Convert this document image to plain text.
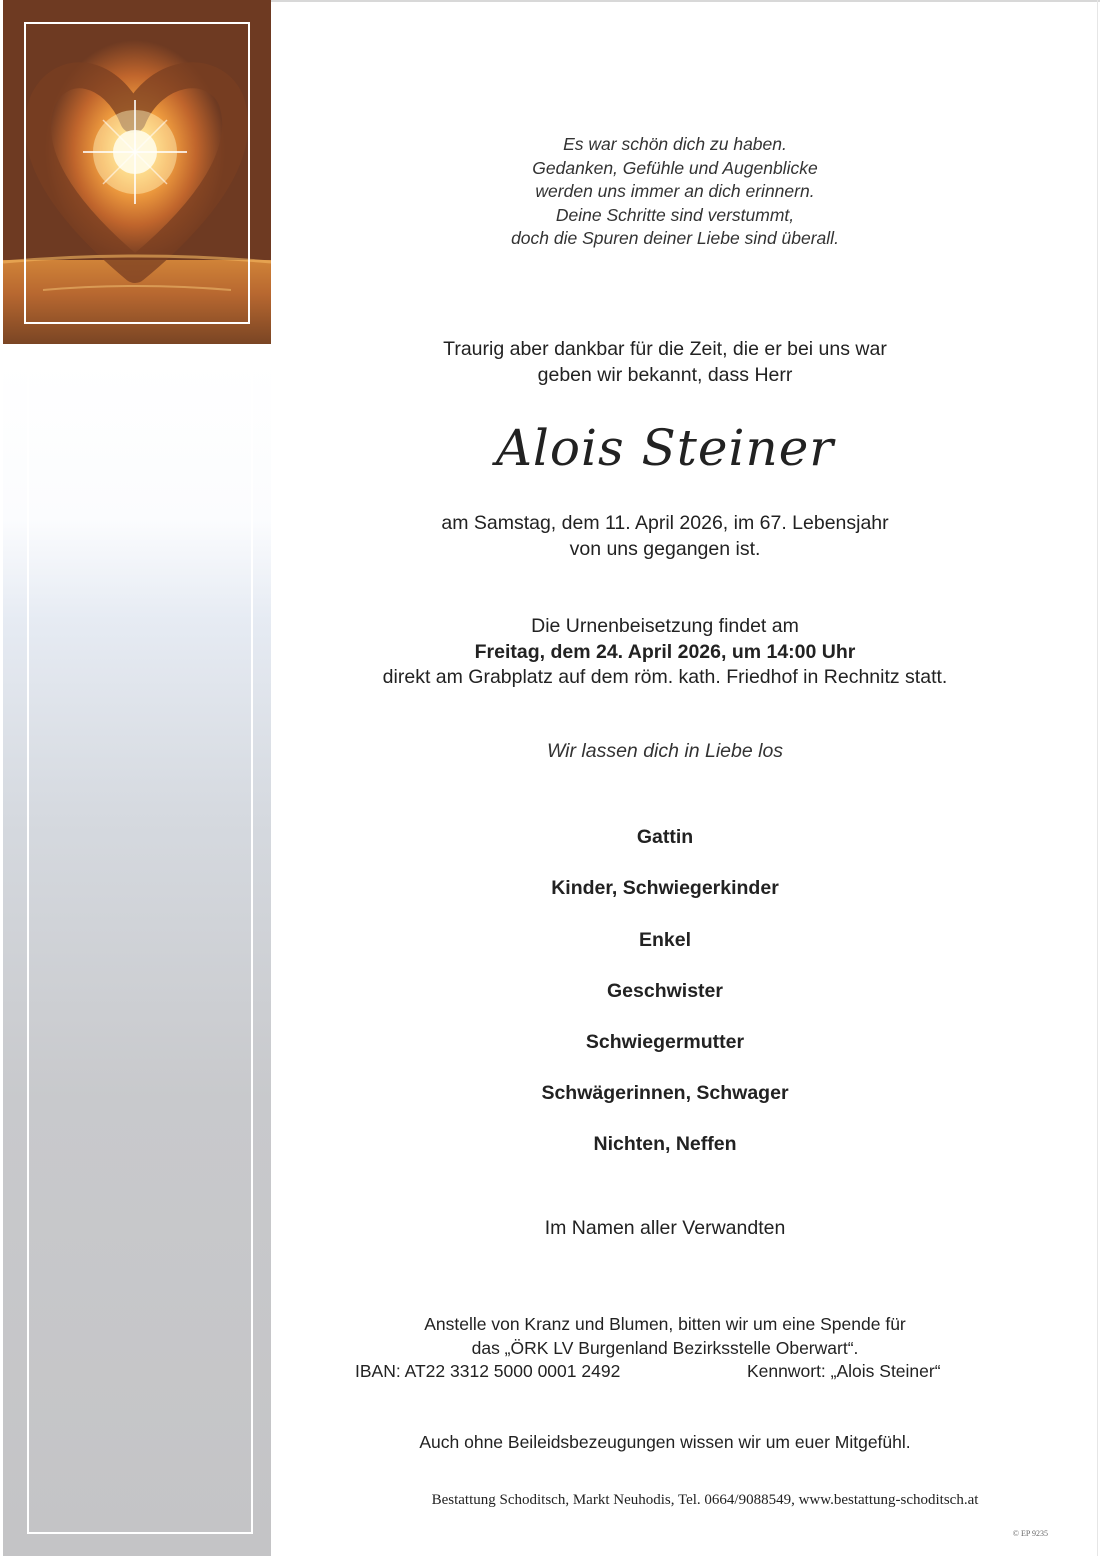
Es war schön dich zu haben.
Gedanken, Gefühle und Augenblicke
werden uns immer an dich erinnern.
Deine Schritte sind verstummt,
doch die Spuren deiner Liebe sind überall.
Traurig aber dankbar für die Zeit, die er bei uns war
geben wir bekannt, dass Herr
Alois Steiner
am Samstag, dem 11. April 2026, im 67. Lebensjahr
von uns gegangen ist.
Die Urnenbeisetzung findet am
Freitag, dem 24. April 2026, um 14:00 Uhr
direkt am Grabplatz auf dem röm. kath. Friedhof in Rechnitz statt.
Wir lassen dich in Liebe los
Gattin
Kinder, Schwiegerkinder
Enkel
Geschwister
Schwiegermutter
Schwägerinnen, Schwager
Nichten, Neffen
Im Namen aller Verwandten
Anstelle von Kranz und Blumen, bitten wir um eine Spende für
das „ÖRK LV Burgenland Bezirksstelle Oberwart“.
IBAN: AT22 3312 5000 0001 2492	Kennwort: „Alois Steiner“
Auch ohne Beileidsbezeugungen wissen wir um euer Mitgefühl.
Bestattung Schoditsch, Markt Neuhodis, Tel. 0664/9088549, www.bestattung-schoditsch.at
© EP 9235
